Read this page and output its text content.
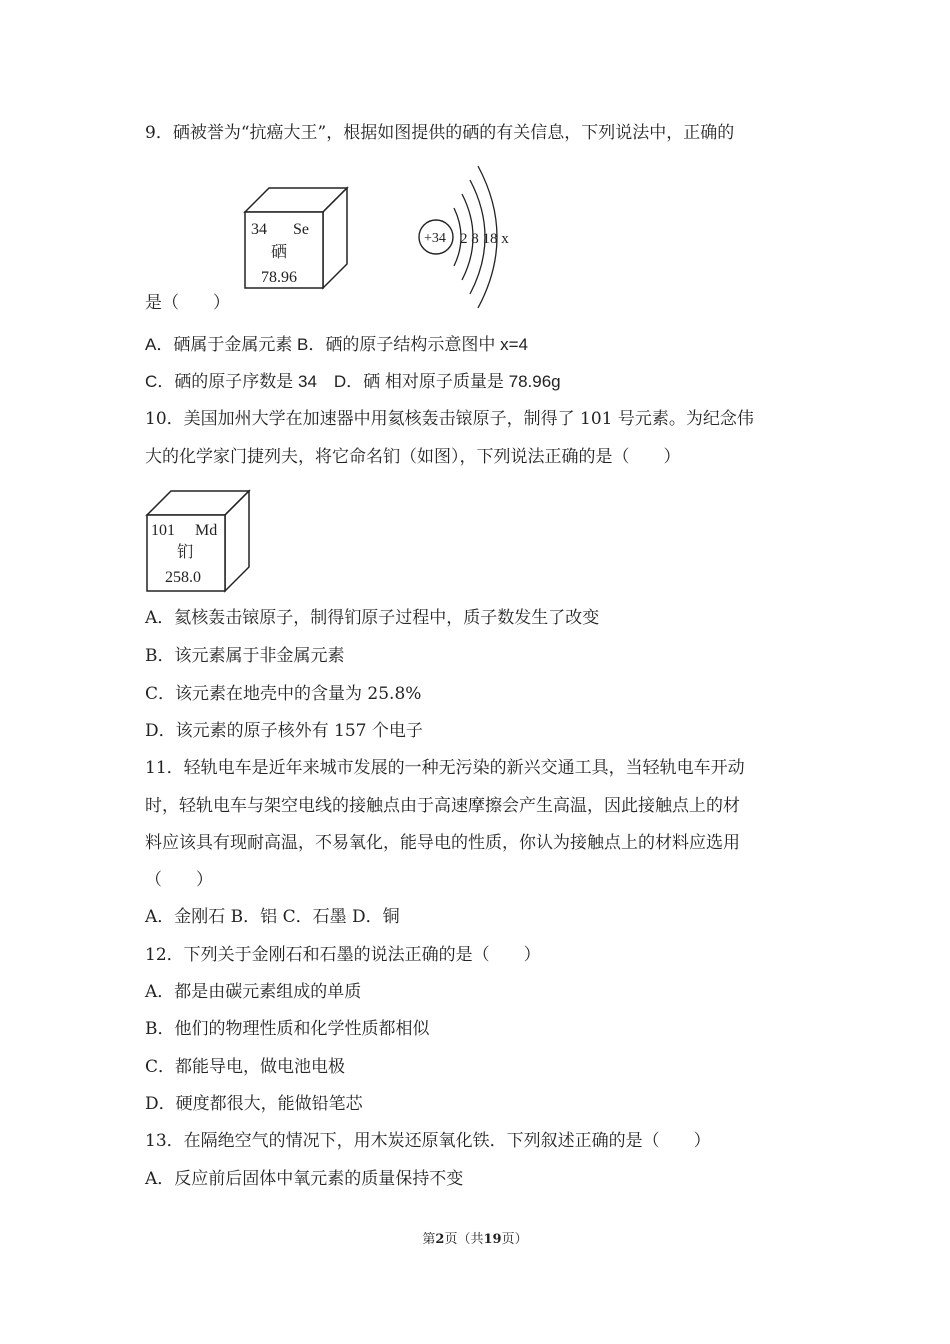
9．硒被誉为“抗癌大王”，根据如图提供的硒的有关信息，下列说法中，正确的
34 Se
硒
78.96
+34 2 8 18 x
是（　　）
A．硒属于金属元素 B．硒的原子结构示意图中 x=4
C．硒的原子序数是 34　D．硒 相对原子质量是 78.96g
10．美国加州大学在加速器中用氦核轰击锿原子，制得了 101 号元素。为纪念伟
大的化学家门捷列夫，将它命名钔（如图），下列说法正确的是（　　）
101 Md
钔
258.0
A．氦核轰击锿原子，制得钔原子过程中，质子数发生了改变
B．该元素属于非金属元素
C．该元素在地壳中的含量为 25.8%
D．该元素的原子核外有 157 个电子
11．轻轨电车是近年来城市发展的一种无污染的新兴交通工具，当轻轨电车开动
时，轻轨电车与架空电线的接触点由于高速摩擦会产生高温，因此接触点上的材
料应该具有现耐高温，不易氧化，能导电的性质，你认为接触点上的材料应选用
（　　）
A．金刚石 B．铝 C．石墨 D．铜
12．下列关于金刚石和石墨的说法正确的是（　　）
A．都是由碳元素组成的单质
B．他们的物理性质和化学性质都相似
C．都能导电，做电池电极
D．硬度都很大，能做铅笔芯
13．在隔绝空气的情况下，用木炭还原氧化铁．下列叙述正确的是（　　）
A．反应前后固体中氧元素的质量保持不变
第2页（共19页）
